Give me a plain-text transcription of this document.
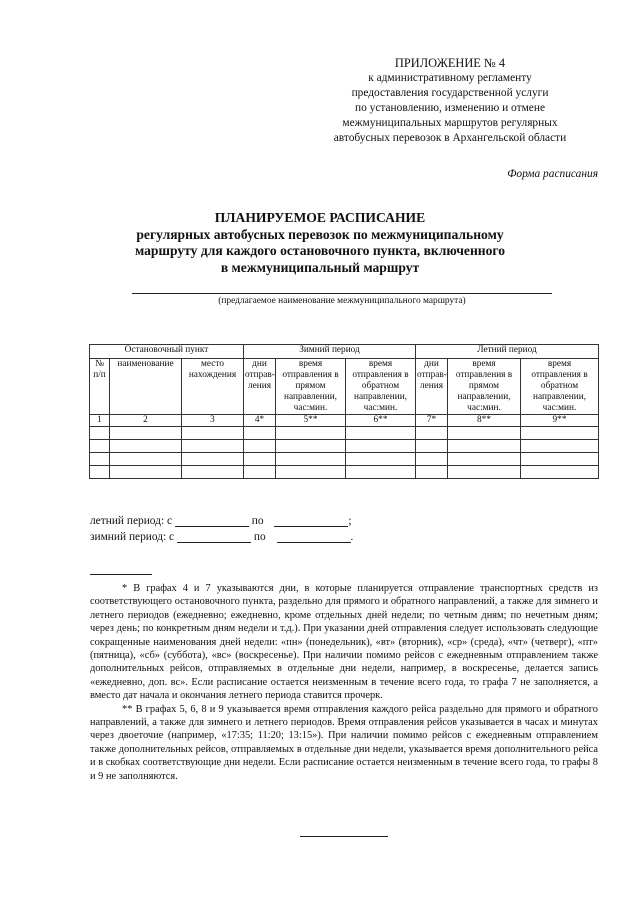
ПРИЛОЖЕНИЕ № 4
к административному регламенту
предоставления государственной услуги
по установлению, изменению и отмене
межмуниципальных маршрутов регулярных
автобусных перевозок в Архангельской области
Форма расписания
ПЛАНИРУЕМОЕ РАСПИСАНИЕ
регулярных автобусных перевозок по межмуниципальному
маршруту для каждого остановочного пункта, включенного
в межмуниципальный маршрут
(предлагаемое наименование межмуниципального маршрута)
Остановочный пункт			Зимний период			Летний период		
№ п/п	наименование	место нахождения	дни отправ-ления	время отправления в прямом направлении, час:мин.	время отправления в обратном направлении, час:мин.	дни отправ-ления	время отправления в прямом направлении, час:мин.	время отправления в обратном направлении, час:мин.
1	2	3	4*	5**	6**	7*	8**	9**

летний период: с	по	;
зимний период: с	по	.

* В графах 4 и 7 указываются дни, в которые планируется отправление транспортных средств из соответствующего остановочного пункта, раздельно для прямого и обратного направлений, а также для зимнего и летнего периодов (ежедневно; ежедневно, кроме отдельных дней недели; по четным дням; по нечетным дням; через день; по конкретным дням недели и т.д.). При указании дней отправления следует использовать следующие сокращенные наименования дней недели: «пн» (понедельник), «вт» (вторник), «ср» (среда), «чт» (четверг), «пт» (пятница), «сб» (суббота), «вс» (воскресенье). При наличии помимо рейсов с ежедневным отправлением также дополнительных рейсов, отправляемых в отдельные дни недели, например, в воскресенье, делается запись «ежедневно, доп. вс». Если расписание остается неизменным в течение всего года, то графа 7 не заполняется, а вместо дат начала и окончания летнего периода ставится прочерк.

** В графах 5, 6, 8 и 9 указывается время отправления каждого рейса раздельно для прямого и обратного направлений, а также для зимнего и летнего периодов. Время отправления рейсов указывается в часах и минутах через двоеточие (например, «17:35; 11:20; 13:15»). При наличии помимо рейсов с ежедневным отправлением также дополнительных рейсов, отправляемых в отдельные дни недели, указывается время дополнительного рейса и в скобках соответствующие дни недели. Если расписание остается неизменным в течение всего года, то графы 8 и 9 не заполняются.
